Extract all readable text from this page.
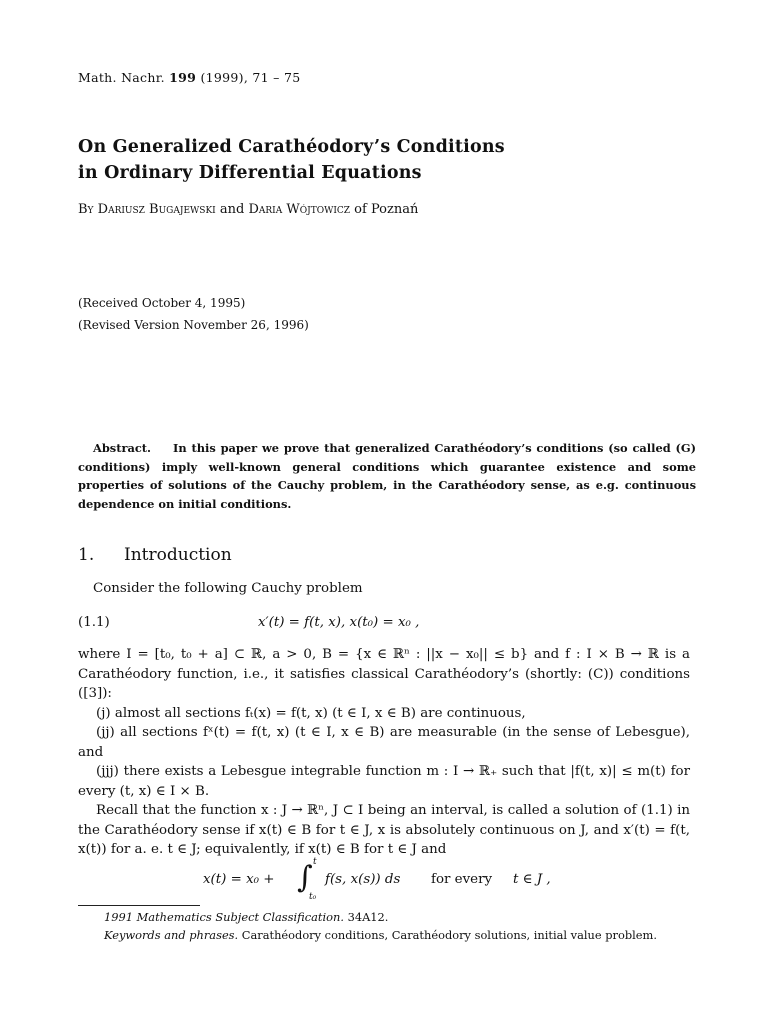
Math. Nachr. 199 (1999), 71 – 75
On Generalized Carathéodory’s Conditions
in Ordinary Differential Equations
By Dariusz Bugajewski and Daria Wójtowicz of Poznań
(Received October 4, 1995)
(Revised Version November 26, 1996)
Abstract. In this paper we prove that generalized Carathéodory’s conditions (so called (G) conditions) imply well-known general conditions which guarantee existence and some properties of solutions of the Cauchy problem, in the Carathéodory sense, as e.g. continuous dependence on initial conditions.
1. Introduction
Consider the following Cauchy problem
(1.1)	x′(t) = f(t, x), x(t₀) = x₀ ,
where I = [t₀, t₀ + a] ⊂ ℝ, a > 0, B = {x ∈ ℝⁿ : ||x − x₀|| ≤ b} and f : I × B → ℝ is a Carathéodory function, i.e., it satisfies classical Carathéodory’s (shortly: (C)) conditions ([3]):
(j) almost all sections fₜ(x) = f(t, x) (t ∈ I, x ∈ B) are continuous,
(jj) all sections fˣ(t) = f(t, x) (t ∈ I, x ∈ B) are measurable (in the sense of Lebesgue), and
(jjj) there exists a Lebesgue integrable function m : I → ℝ₊ such that |f(t, x)| ≤ m(t) for every (t, x) ∈ I × B.
Recall that the function x : J → ℝⁿ, J ⊂ I being an interval, is called a solution of (1.1) in the Carathéodory sense if x(t) ∈ B for t ∈ J, x is absolutely continuous on J, and x′(t) = f(t, x(t)) for a. e. t ∈ J; equivalently, if x(t) ∈ B for t ∈ J and
x(t) = x₀ + ∫ t
t₀
f(s, x(s)) ds for every t ∈ J ,
1991 Mathematics Subject Classification. 34A12.
Keywords and phrases. Carathéodory conditions, Carathéodory solutions, initial value problem.
